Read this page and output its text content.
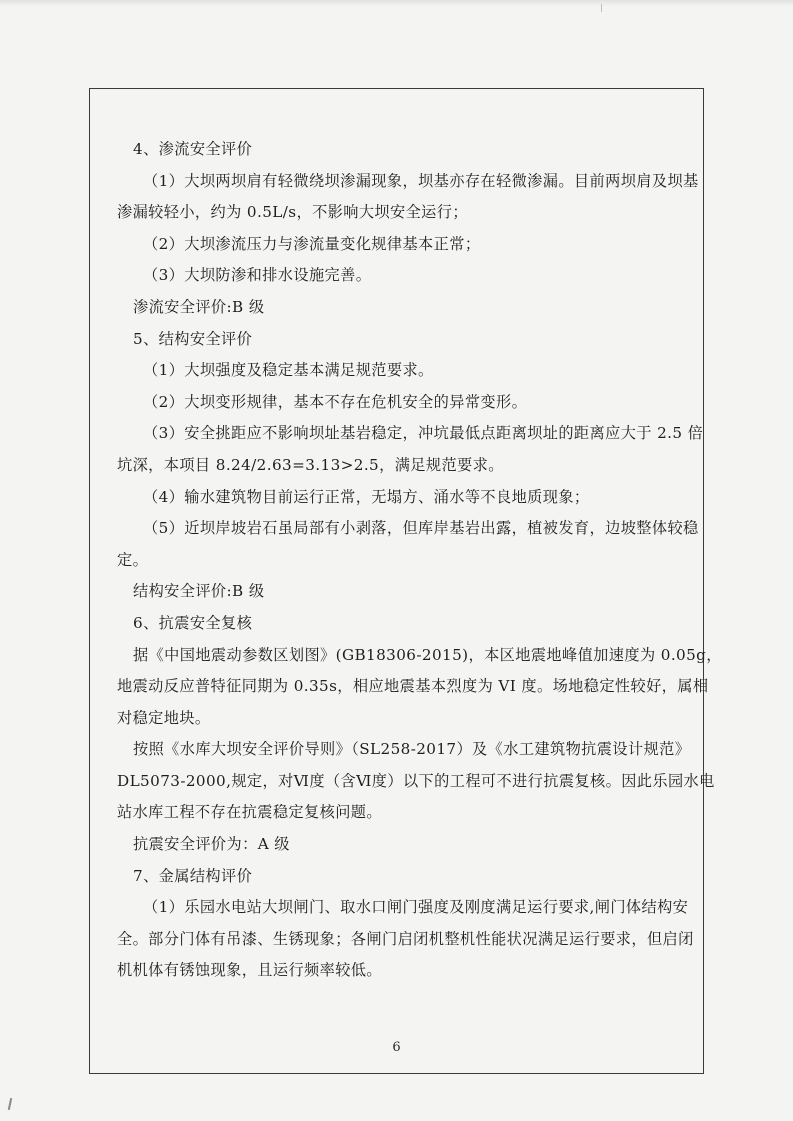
4、渗流安全评价
（1）大坝两坝肩有轻微绕坝渗漏现象，坝基亦存在轻微渗漏。目前两坝肩及坝基
渗漏较轻小，约为 0.5L/s，不影响大坝安全运行；
（2）大坝渗流压力与渗流量变化规律基本正常；
（3）大坝防渗和排水设施完善。
渗流安全评价:B 级
5、结构安全评价
（1）大坝强度及稳定基本满足规范要求。
（2）大坝变形规律，基本不存在危机安全的异常变形。
（3）安全挑距应不影响坝址基岩稳定，冲坑最低点距离坝址的距离应大于 2.5 倍
坑深，本项目 8.24/2.63=3.13>2.5，满足规范要求。
（4）输水建筑物目前运行正常，无塌方、涌水等不良地质现象；
（5）近坝岸坡岩石虽局部有小剥落，但库岸基岩出露，植被发育，边坡整体较稳
定。
结构安全评价:B 级
6、抗震安全复核
据《中国地震动参数区划图》(GB18306-2015)，本区地震地峰值加速度为 0.05g，
地震动反应普特征同期为 0.35s，相应地震基本烈度为 VI 度。场地稳定性较好，属相
对稳定地块。
按照《水库大坝安全评价导则》（SL258-2017）及《水工建筑物抗震设计规范》
DL5073-2000,规定，对Ⅵ度（含Ⅵ度）以下的工程可不进行抗震复核。因此乐园水电
站水库工程不存在抗震稳定复核问题。
抗震安全评价为：A 级
7、金属结构评价
（1）乐园水电站大坝闸门、取水口闸门强度及刚度满足运行要求,闸门体结构安
全。部分门体有吊漆、生锈现象；各闸门启闭机整机性能状况满足运行要求，但启闭
机机体有锈蚀现象，且运行频率较低。
6
